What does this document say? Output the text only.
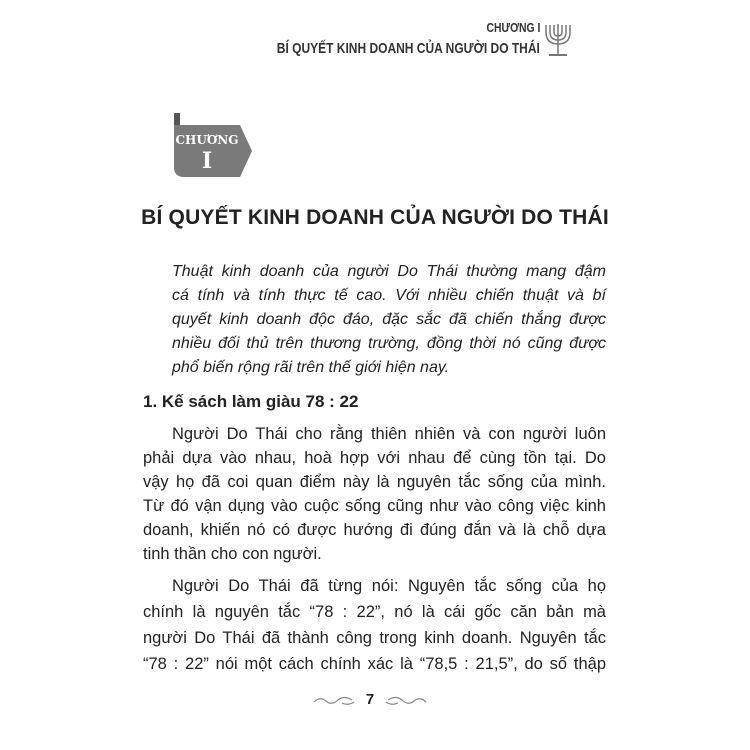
CHƯƠNG I
BÍ QUYẾT KINH DOANH CỦA NGƯỜI DO THÁI
CHƯƠNG
I
BÍ QUYẾT KINH DOANH CỦA NGƯỜI DO THÁI
Thuật kinh doanh của người Do Thái thường mang đậm
cá tính và tính thực tế cao. Với nhiều chiến thuật và bí
quyết kinh doanh độc đáo, đặc sắc đã chiến thắng được
nhiều đối thủ trên thương trường, đồng thời nó cũng được
phổ biến rộng rãi trên thế giới hiện nay.
1. Kế sách làm giàu 78 : 22
Người Do Thái cho rằng thiên nhiên và con người luôn
phải dựa vào nhau, hoà hợp với nhau để cùng tồn tại. Do
vậy họ đã coi quan điểm này là nguyên tắc sống của mình.
Từ đó vận dụng vào cuộc sống cũng như vào công việc kinh
doanh, khiến nó có được hướng đi đúng đắn và là chỗ dựa
tinh thần cho con người.
Người Do Thái đã từng nói: Nguyên tắc sống của họ
chính là nguyên tắc “78 : 22”, nó là cái gốc căn bản mà
người Do Thái đã thành công trong kinh doanh. Nguyên tắc
“78 : 22” nói một cách chính xác là “78,5 : 21,5”, do số thập
7
